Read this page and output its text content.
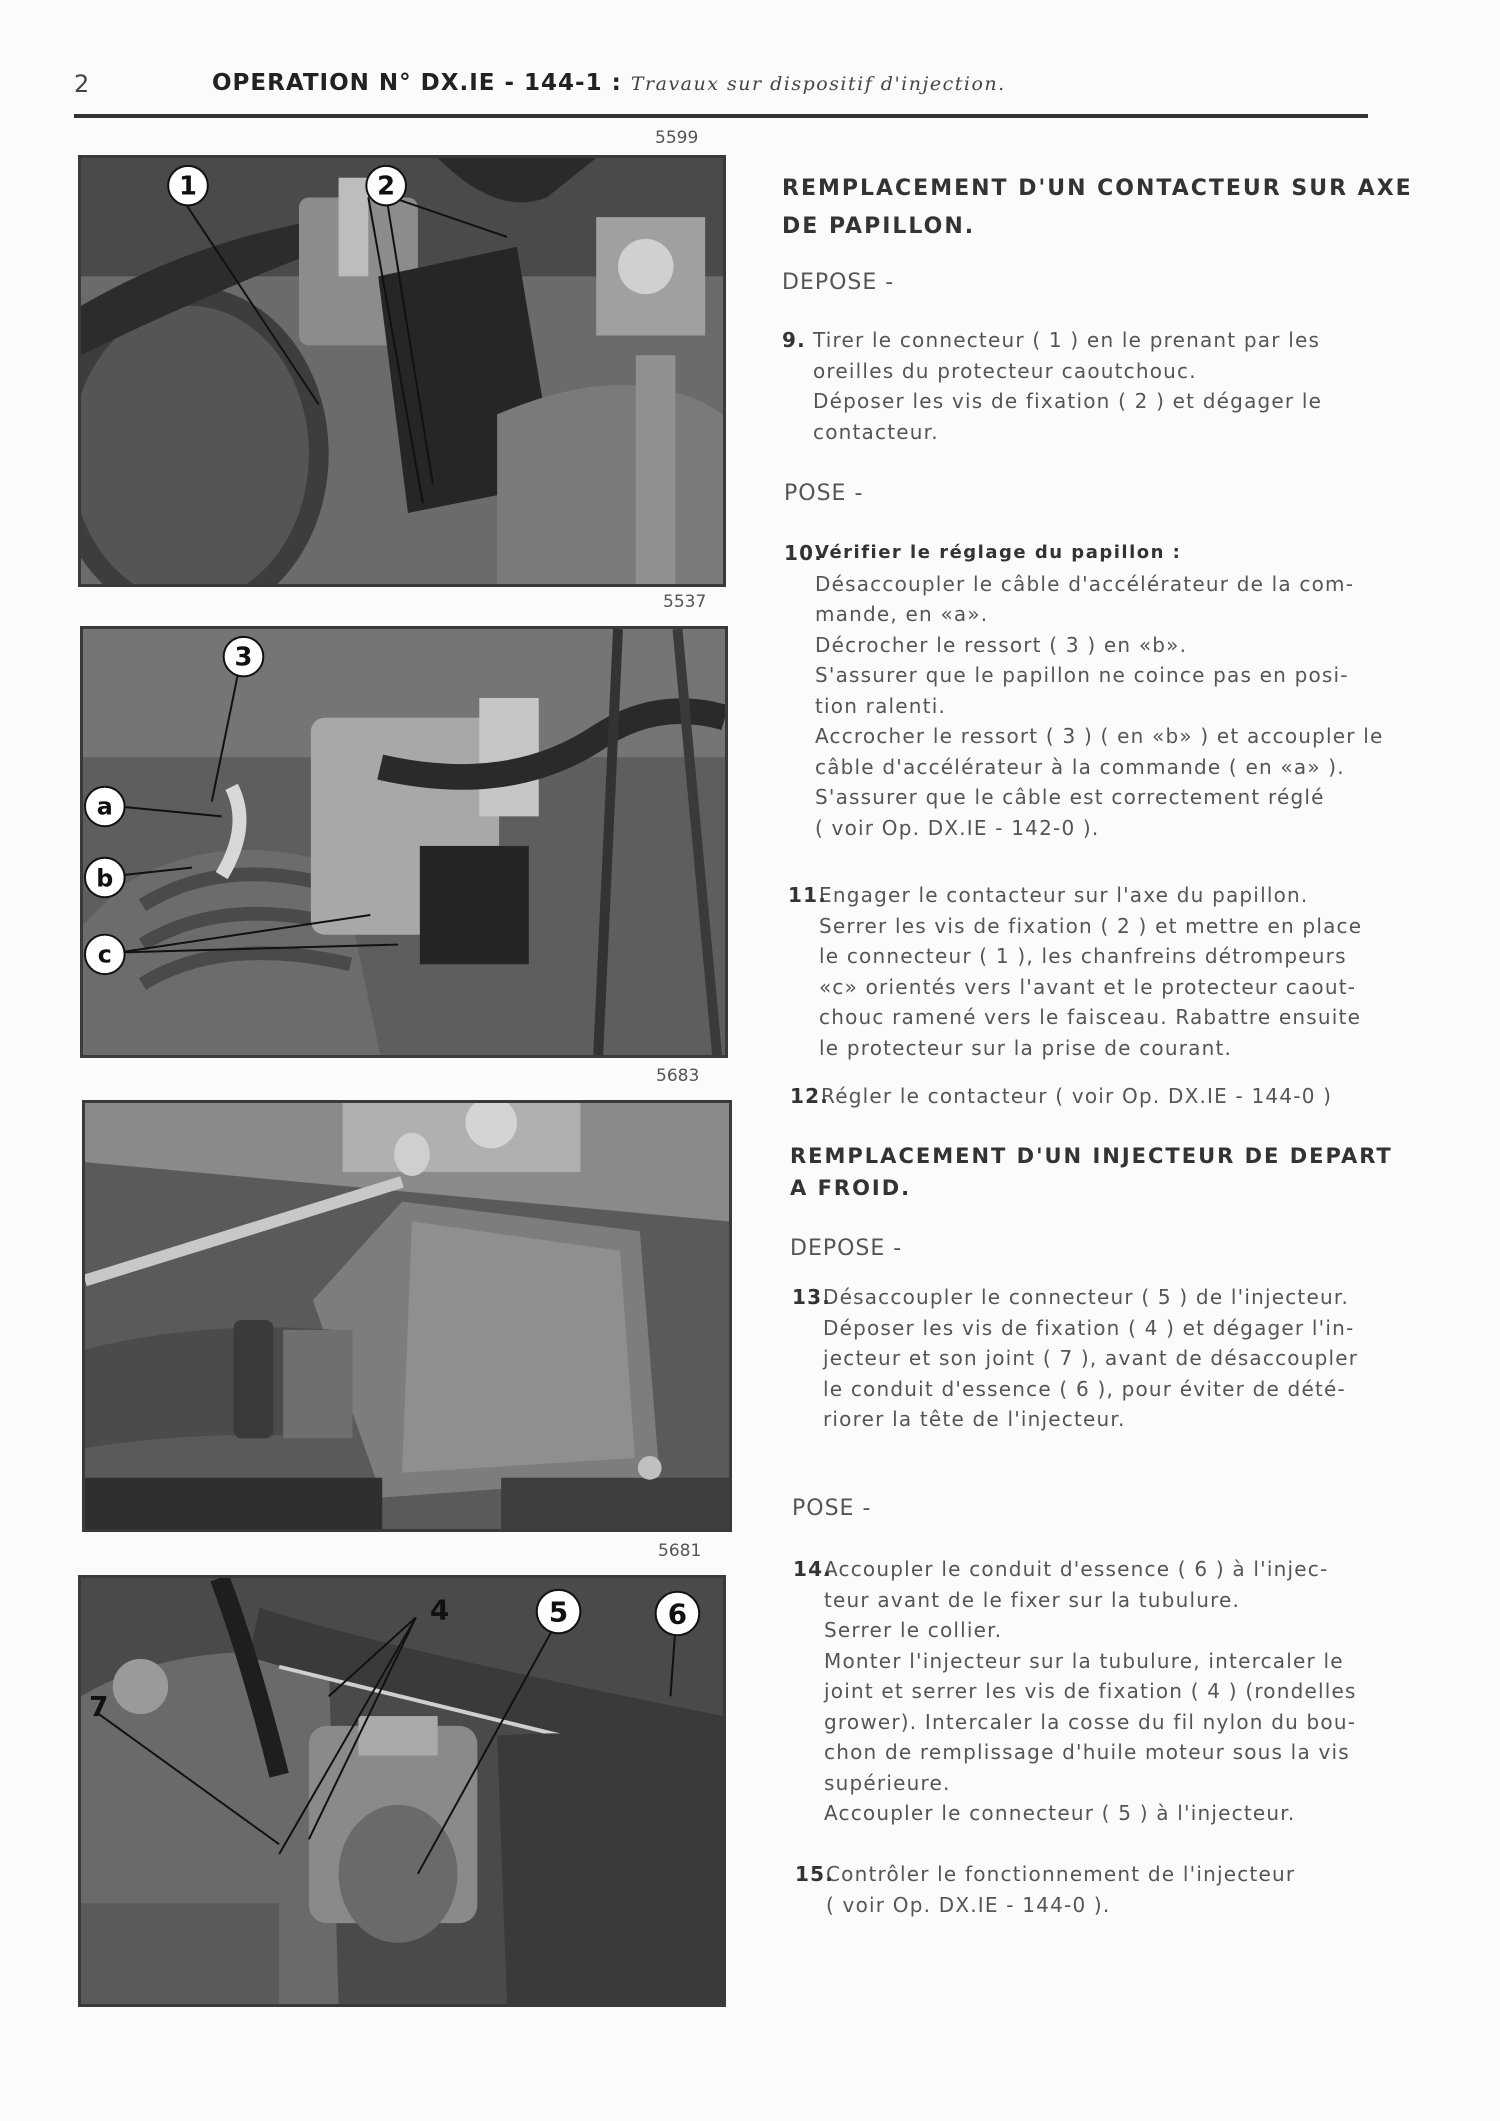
2	OPERATION N° DX.IE - 144-1 : Travaux sur dispositif d'injection.
5599
1	2
5537
3
a
b
c
5683
5681
4	5	6
7
REMPLACEMENT D'UN CONTACTEUR SUR AXE
DE PAPILLON.
DEPOSE -
9. Tirer le connecteur ( 1 ) en le prenant par les
oreilles du protecteur caoutchouc.
Déposer les vis de fixation ( 2 ) et dégager le
contacteur.
POSE -
10.
Vérifier le réglage du papillon :
Désaccoupler le câble d'accélérateur de la com-
mande, en «a».
Décrocher le ressort ( 3 ) en «b».
S'assurer que le papillon ne coince pas en posi-
tion ralenti.
Accrocher le ressort ( 3 ) ( en «b» ) et accoupler le
câble d'accélérateur à la commande ( en «a» ).
S'assurer que le câble est correctement réglé
( voir Op. DX.IE - 142-0 ).
11.
Engager le contacteur sur l'axe du papillon.
Serrer les vis de fixation ( 2 ) et mettre en place
le connecteur ( 1 ), les chanfreins détrompeurs
«c» orientés vers l'avant et le protecteur caout-
chouc ramené vers le faisceau. Rabattre ensuite
le protecteur sur la prise de courant.
12.
Régler le contacteur ( voir Op. DX.IE - 144-0 )
REMPLACEMENT D'UN INJECTEUR DE DEPART
A FROID.
DEPOSE -
13.
Désaccoupler le connecteur ( 5 ) de l'injecteur.
Déposer les vis de fixation ( 4 ) et dégager l'in-
jecteur et son joint ( 7 ), avant de désaccoupler
le conduit d'essence ( 6 ), pour éviter de dété-
riorer la tête de l'injecteur.
POSE -
14.
Accoupler le conduit d'essence ( 6 ) à l'injec-
teur avant de le fixer sur la tubulure.
Serrer le collier.
Monter l'injecteur sur la tubulure, intercaler le
joint et serrer les vis de fixation ( 4 ) (rondelles
grower). Intercaler la cosse du fil nylon du bou-
chon de remplissage d'huile moteur sous la vis
supérieure.
Accoupler le connecteur ( 5 ) à l'injecteur.
15.
Contrôler le fonctionnement de l'injecteur
( voir Op. DX.IE - 144-0 ).
